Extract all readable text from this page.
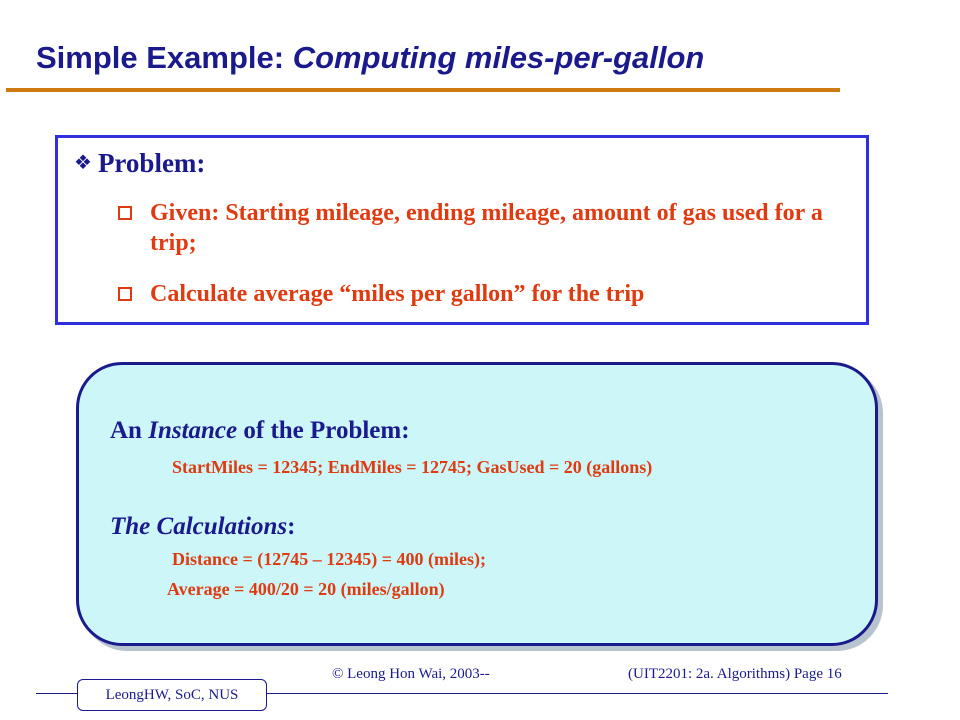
Simple Example: Computing miles-per-gallon
❖ Problem:
Given: Starting mileage, ending mileage, amount of gas used for a trip;
Calculate average “miles per gallon” for the trip
An Instance of the Problem:
StartMiles = 12345; EndMiles = 12745; GasUsed = 20 (gallons)
The Calculations:
Distance = (12745 – 12345) = 400 (miles);
Average = 400/20 = 20 (miles/gallon)
LeongHW, SoC, NUS
© Leong Hon Wai, 2003--	(UIT2201: 2a. Algorithms) Page 16
